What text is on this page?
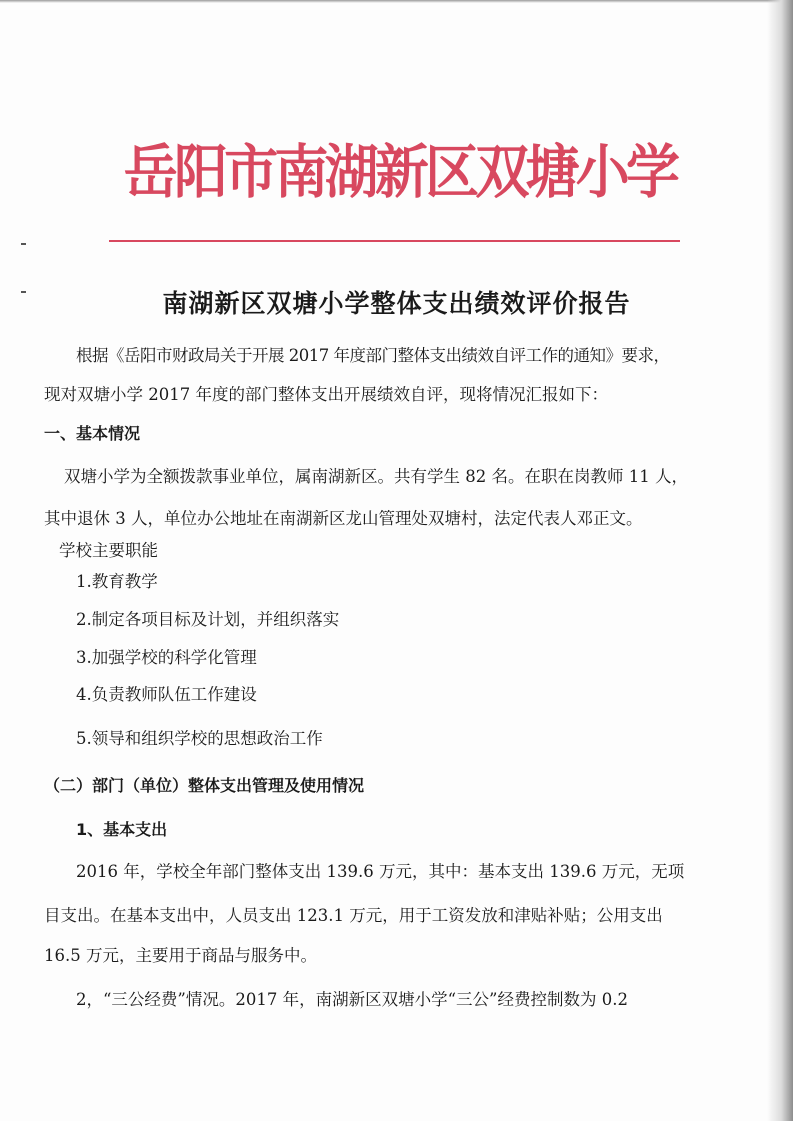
岳阳市南湖新区双塘小学
南湖新区双塘小学整体支出绩效评价报告
根据《岳阳市财政局关于开展 2017 年度部门整体支出绩效自评工作的通知》要求，
现对双塘小学 2017 年度的部门整体支出开展绩效自评，现将情况汇报如下：
一、基本情况
双塘小学为全额拨款事业单位，属南湖新区。共有学生 82 名。在职在岗教师 11 人，
其中退休 3 人，单位办公地址在南湖新区龙山管理处双塘村，法定代表人邓正文。
学校主要职能
1.教育教学
2.制定各项目标及计划，并组织落实
3.加强学校的科学化管理
4.负责教师队伍工作建设
5.领导和组织学校的思想政治工作
（二）部门（单位）整体支出管理及使用情况
1、基本支出
2016 年，学校全年部门整体支出 139.6 万元，其中：基本支出 139.6 万元，无项
目支出。在基本支出中，人员支出 123.1 万元，用于工资发放和津贴补贴；公用支出
16.5 万元，主要用于商品与服务中。
2，“三公经费”情况。2017 年，南湖新区双塘小学“三公”经费控制数为 0.2
